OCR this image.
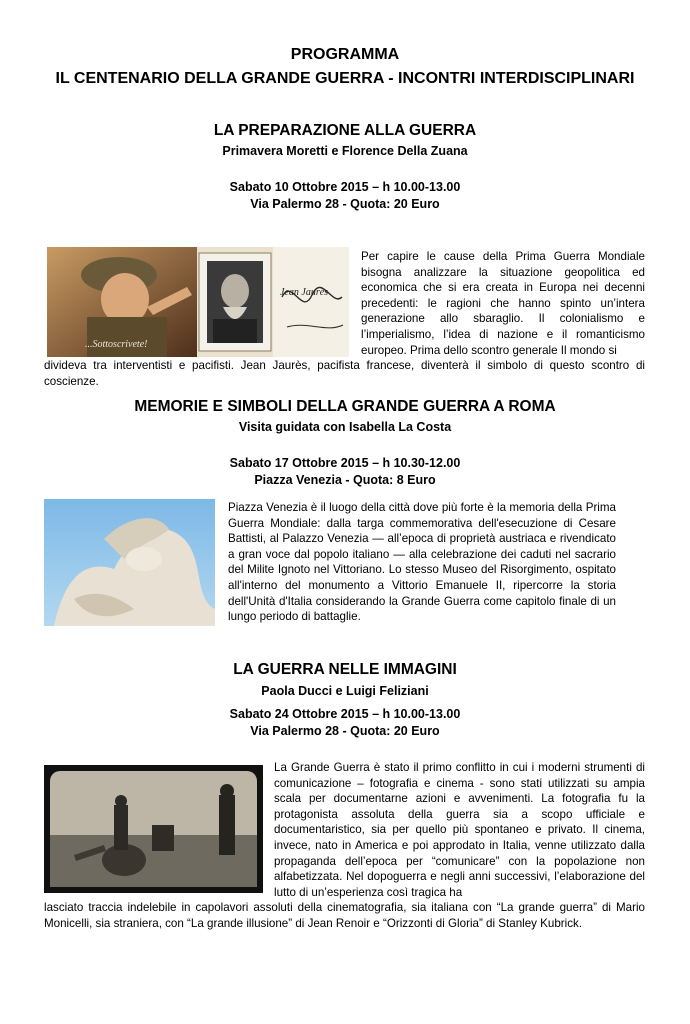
PROGRAMMA
IL CENTENARIO DELLA GRANDE GUERRA - INCONTRI INTERDISCIPLINARI
LA PREPARAZIONE ALLA GUERRA
Primavera Moretti e Florence Della Zuana
Sabato 10 Ottobre 2015 – h 10.00-13.00
Via Palermo 28 - Quota: 20 Euro
...Sottoscrivete!
Jean Jaurès
Per capire le cause della Prima Guerra Mondiale bisogna analizzare la situazione geopolitica ed economica che si era creata in Europa nei decenni precedenti: le ragioni che hanno spinto un’intera generazione allo sbaraglio. Il colonialismo e l’imperialismo, l’idea di nazione e il romanticismo europeo. Prima dello scontro generale Il mondo si
divideva tra interventisti e pacifisti. Jean Jaurès, pacifista francese, diventerà il simbolo di questo scontro di coscienze.
MEMORIE E SIMBOLI DELLA GRANDE GUERRA A ROMA
Visita guidata con Isabella La Costa
Sabato 17 Ottobre 2015 – h 10.30-12.00
Piazza Venezia - Quota: 8 Euro
Piazza Venezia è il luogo della città dove più forte è la memoria della Prima Guerra Mondiale: dalla targa commemorativa dell'esecuzione di Cesare Battisti, al Palazzo Venezia — all’epoca di proprietà austriaca e rivendicato a gran voce dal popolo italiano — alla celebrazione dei caduti nel sacrario del Milite Ignoto nel Vittoriano. Lo stesso Museo del Risorgimento, ospitato all'interno del monumento a Vittorio Emanuele II, ripercorre la storia dell'Unità d'Italia considerando la Grande Guerra come capitolo finale di un lungo periodo di battaglie.
LA GUERRA NELLE IMMAGINI
Paola Ducci e Luigi Feliziani
Sabato 24 Ottobre 2015 – h 10.00-13.00
Via Palermo 28 - Quota: 20 Euro
La Grande Guerra è stato il primo conflitto in cui i moderni strumenti di comunicazione – fotografia e cinema - sono stati utilizzati su ampia scala per documentarne azioni e avvenimenti. La fotografia fu la protagonista assoluta della guerra sia a scopo ufficiale e documentaristico, sia per quello più spontaneo e privato. Il cinema, invece, nato in America e poi approdato in Italia, venne utilizzato dalla propaganda dell’epoca per “comunicare” con la popolazione non alfabetizzata. Nel dopoguerra e negli anni successivi, l’elaborazione del lutto di un’esperienza così tragica ha
lasciato traccia indelebile in capolavori assoluti della cinematografia, sia italiana con “La grande guerra” di Mario Monicelli, sia straniera, con “La grande illusione” di Jean Renoir e “Orizzonti di Gloria” di Stanley Kubrick.
